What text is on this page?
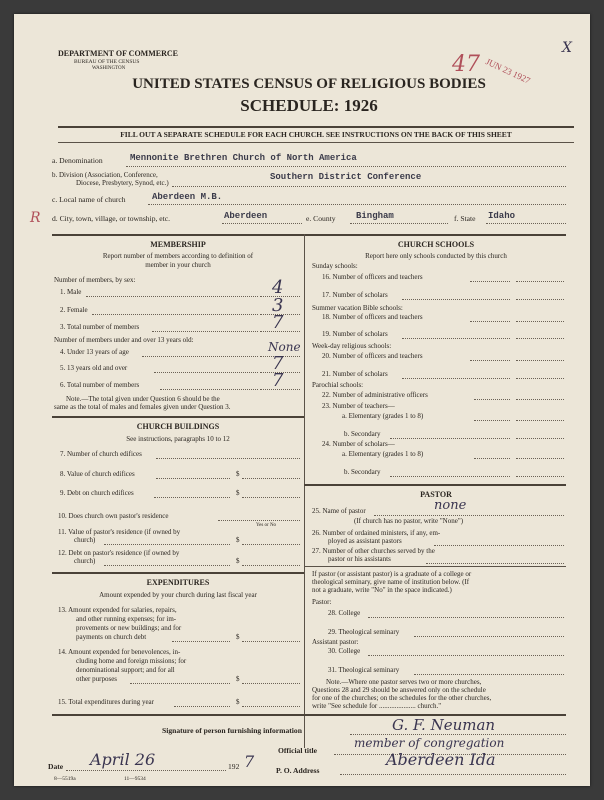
DEPARTMENT OF COMMERCE
BUREAU OF THE CENSUS
WASHINGTON
UNITED STATES CENSUS OF RELIGIOUS BODIES
SCHEDULE: 1926
JUN 23 1927
47
X
R
FILL OUT A SEPARATE SCHEDULE FOR EACH CHURCH. SEE INSTRUCTIONS ON THE BACK OF THIS SHEET
a. Denomination	Mennonite Brethren Church of North America
b. Division (Association, Conference,
Diocese, Presbytery, Synod, etc.)
Southern District Conference
c. Local name of church	Aberdeen M.B.
d. City, town, village, or township, etc.	Aberdeen	e. County Bingham	f. State Idaho
MEMBERSHIP
Report number of members according to definition of
member in your church
Number of members, by sex:
1. Male	4
2. Female	3
3. Total number of members	7
Number of members under and over 13 years old:
4. Under 13 years of age	None
5. 13 years old and over	7
6. Total number of members	7
Note.—The total given under Question 6 should be the
same as the total of males and females given under Question 3.
CHURCH BUILDINGS
See instructions, paragraphs 10 to 12
7. Number of church edifices
8. Value of church edifices	$
9. Debt on church edifices	$
10. Does church own pastor's residence
Yes or No
11. Value of pastor's residence (if owned by
church)	$
12. Debt on pastor's residence (if owned by
church)	$
EXPENDITURES
Amount expended by your church during last fiscal year
13. Amount expended for salaries, repairs,
and other running expenses; for im-
provements or new buildings; and for
payments on church debt	$
14. Amount expended for benevolences, in-
cluding home and foreign missions; for
denominational support; and for all
other purposes	$
15. Total expenditures during year	$
CHURCH SCHOOLS
Report here only schools conducted by this church
Sunday schools:
16. Number of officers and teachers
17. Number of scholars
Summer vacation Bible schools:
18. Number of officers and teachers
19. Number of scholars
Week-day religious schools:
20. Number of officers and teachers
21. Number of scholars
Parochial schools:
22. Number of administrative officers
23. Number of teachers—
a. Elementary (grades 1 to 8)
b. Secondary
24. Number of scholars—
a. Elementary (grades 1 to 8)
b. Secondary
PASTOR
25. Name of pastor	none
(If church has no pastor, write "None")
26. Number of ordained ministers, if any, em-
ployed as assistant pastors
27. Number of other churches served by the
pastor or his assistants
If pastor (or assistant pastor) is a graduate of a college or
theological seminary, give name of institution below. (If
not a graduate, write "No" in the space indicated.)
Pastor:
28. College
29. Theological seminary
Assistant pastor:
30. College
31. Theological seminary
Note.—Where one pastor serves two or more churches,
Questions 28 and 29 should be answered only on the schedule
for one of the churches; on the schedules for the other churches,
write "See schedule for ..................... church."
Signature of person furnishing information	G. F. Neuman
Official title
member of congregation
Date April 26	192 7	P. O. Address
Aberdeen Ida
8—5519a	11—9534
